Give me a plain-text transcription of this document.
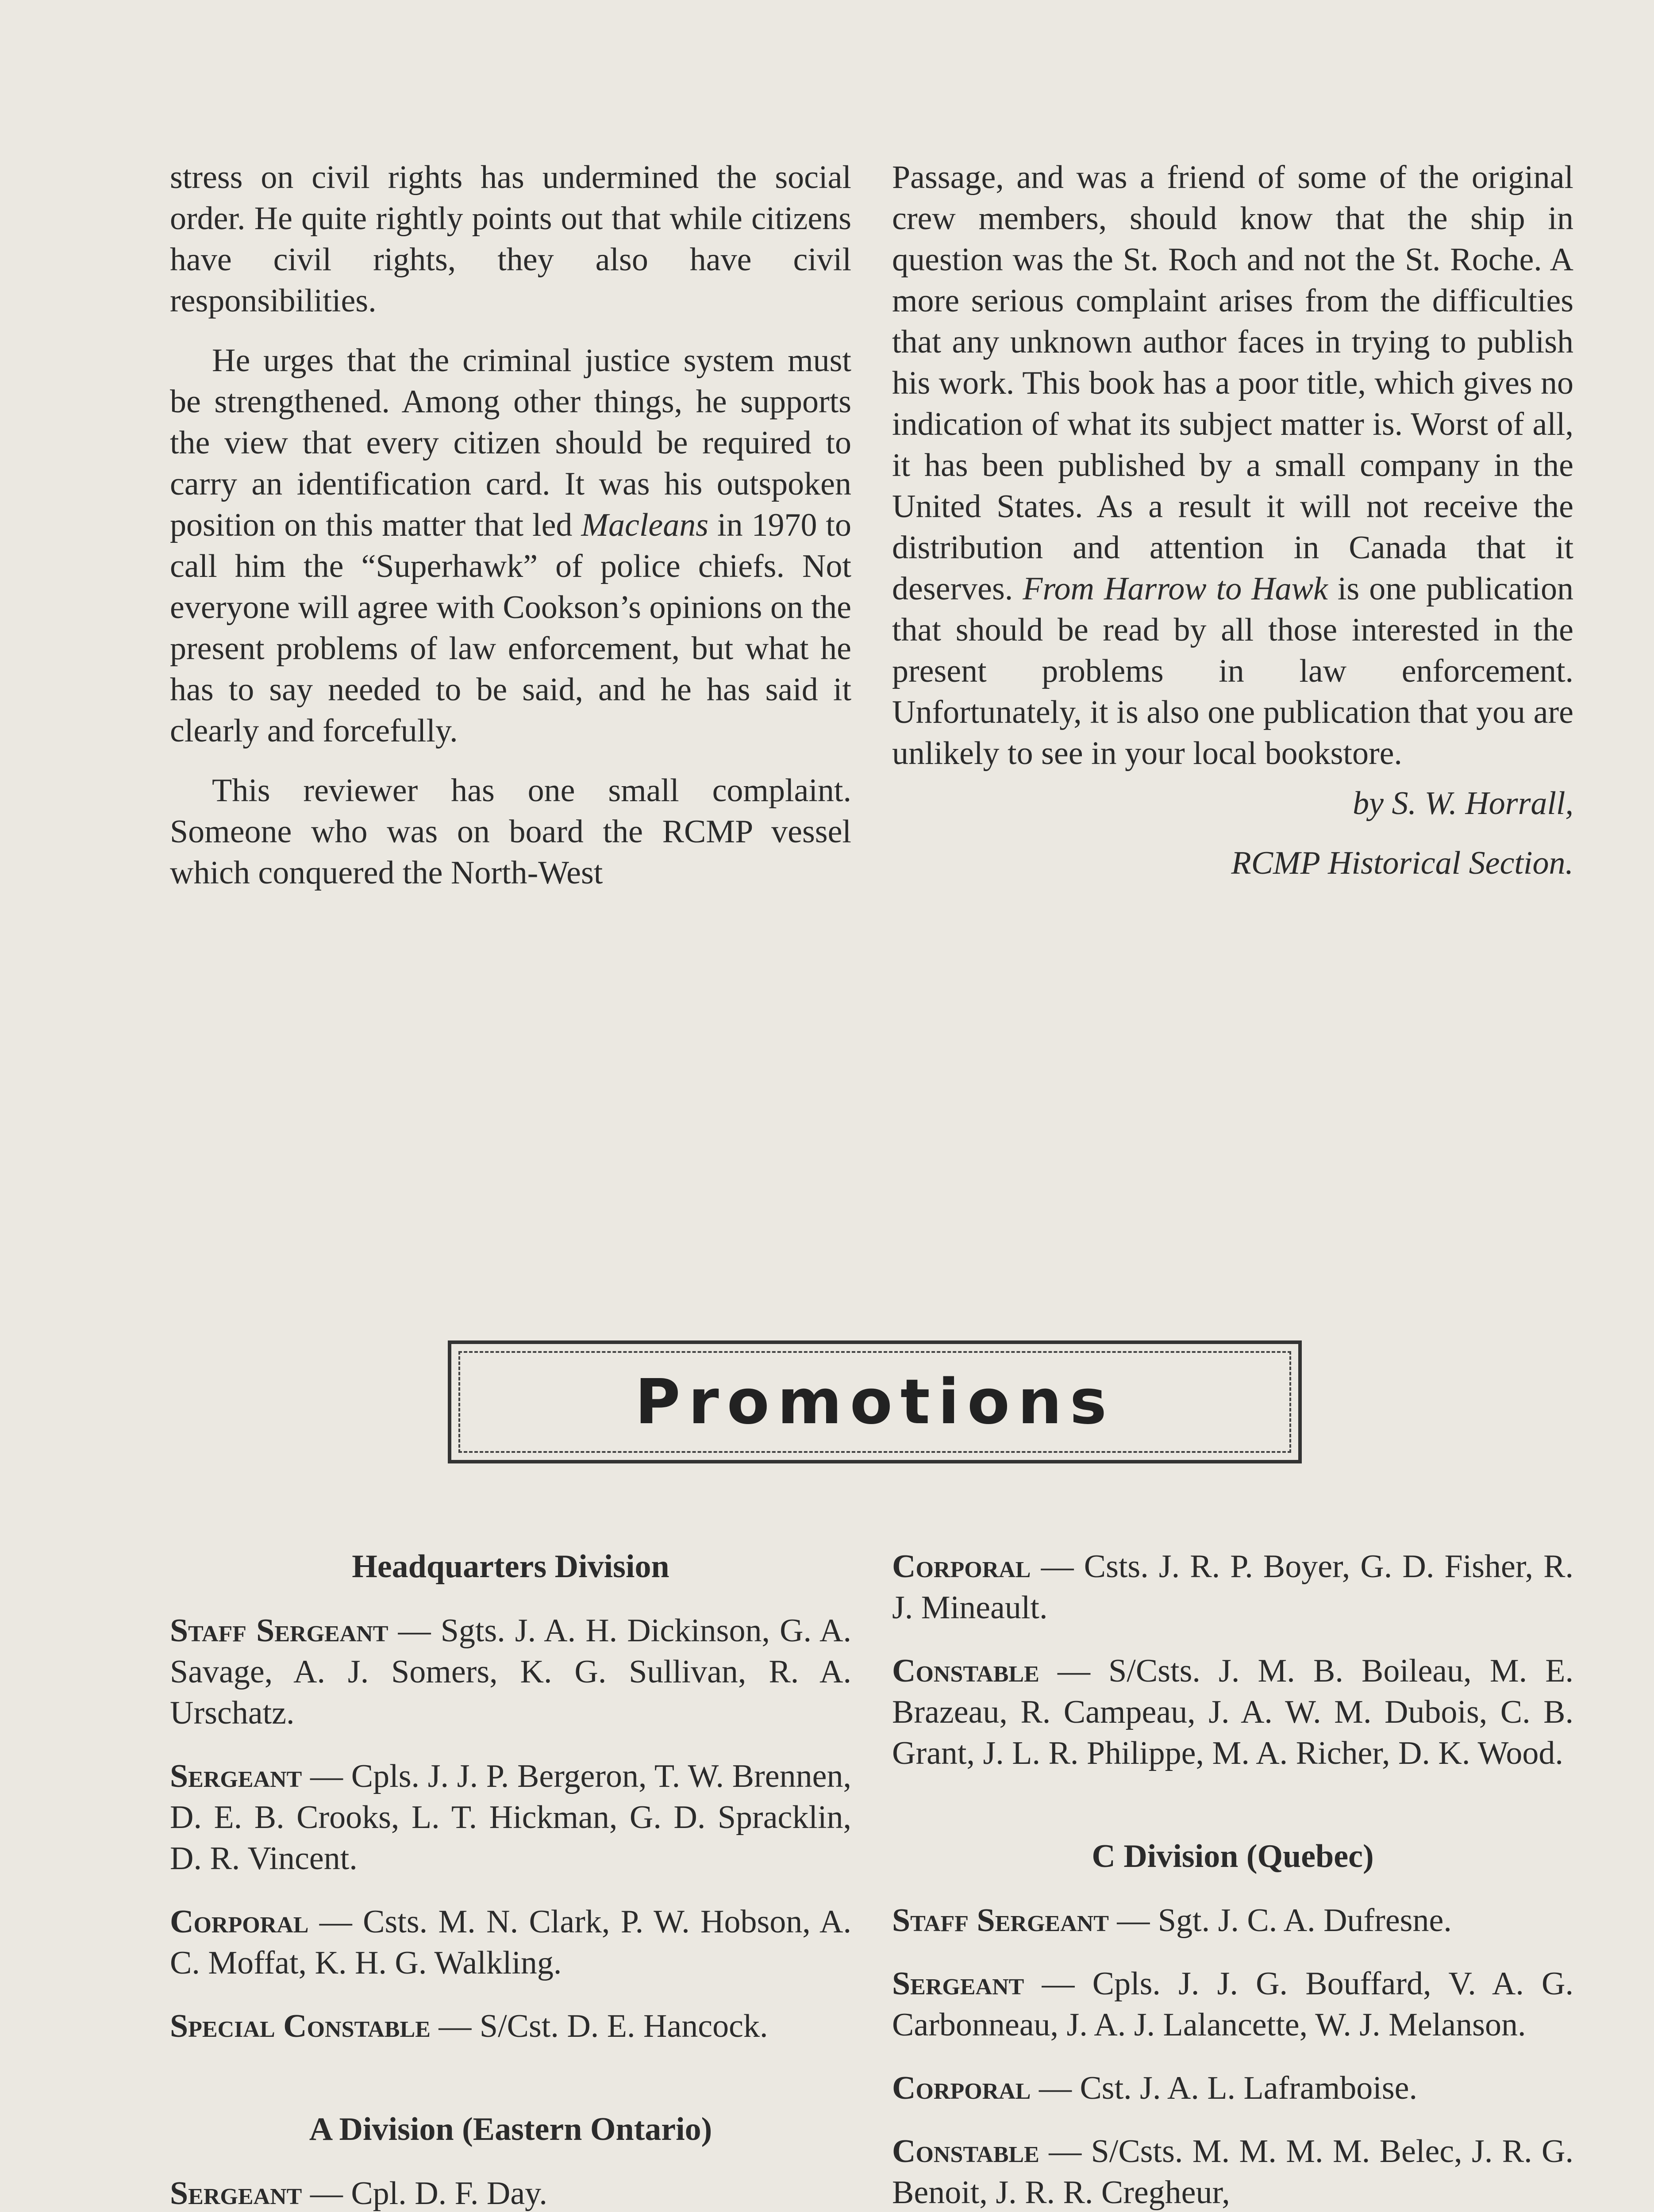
stress on civil rights has undermined the social order. He quite rightly points out that while citizens have civil rights, they also have civil responsibilities.

He urges that the criminal justice system must be strengthened. Among other things, he supports the view that every citizen should be required to carry an identification card. It was his outspoken position on this matter that led Macleans in 1970 to call him the “Superhawk” of police chiefs. Not everyone will agree with Cookson’s opinions on the present problems of law enforcement, but what he has to say needed to be said, and he has said it clearly and forcefully.

This reviewer has one small complaint. Someone who was on board the RCMP vessel which conquered the North-West

Passage, and was a friend of some of the original crew members, should know that the ship in question was the St. Roch and not the St. Roche. A more serious complaint arises from the difficulties that any unknown author faces in trying to publish his work. This book has a poor title, which gives no indication of what its subject matter is. Worst of all, it has been published by a small company in the United States. As a result it will not receive the distribution and attention in Canada that it deserves. From Harrow to Hawk is one publication that should be read by all those interested in the present problems in law enforcement. Unfortunately, it is also one publication that you are unlikely to see in your local bookstore.

by S. W. Horrall,

RCMP Historical Section.

Promotions
Headquarters Division
Staff Sergeant — Sgts. J. A. H. Dickinson, G. A. Savage, A. J. Somers, K. G. Sullivan, R. A. Urschatz.
Sergeant — Cpls. J. J. P. Bergeron, T. W. Brennen, D. E. B. Crooks, L. T. Hickman, G. D. Spracklin, D. R. Vincent.
Corporal — Csts. M. N. Clark, P. W. Hobson, A. C. Moffat, K. H. G. Walkling.
Special Constable — S/Cst. D. E. Hancock.
A Division (Eastern Ontario)
Sergeant — Cpl. D. F. Day.
Corporal — Csts. J. R. P. Boyer, G. D. Fisher, R. J. Mineault.
Constable — S/Csts. J. M. B. Boileau, M. E. Brazeau, R. Campeau, J. A. W. M. Dubois, C. B. Grant, J. L. R. Philippe, M. A. Richer, D. K. Wood.
C Division (Quebec)
Staff Sergeant — Sgt. J. C. A. Dufresne.
Sergeant — Cpls. J. J. G. Bouffard, V. A. G. Carbonneau, J. A. J. Lalancette, W. J. Melanson.
Corporal — Cst. J. A. L. Laframboise.
Constable — S/Csts. M. M. M. M. Belec, J. R. G. Benoit, J. R. R. Cregheur,
